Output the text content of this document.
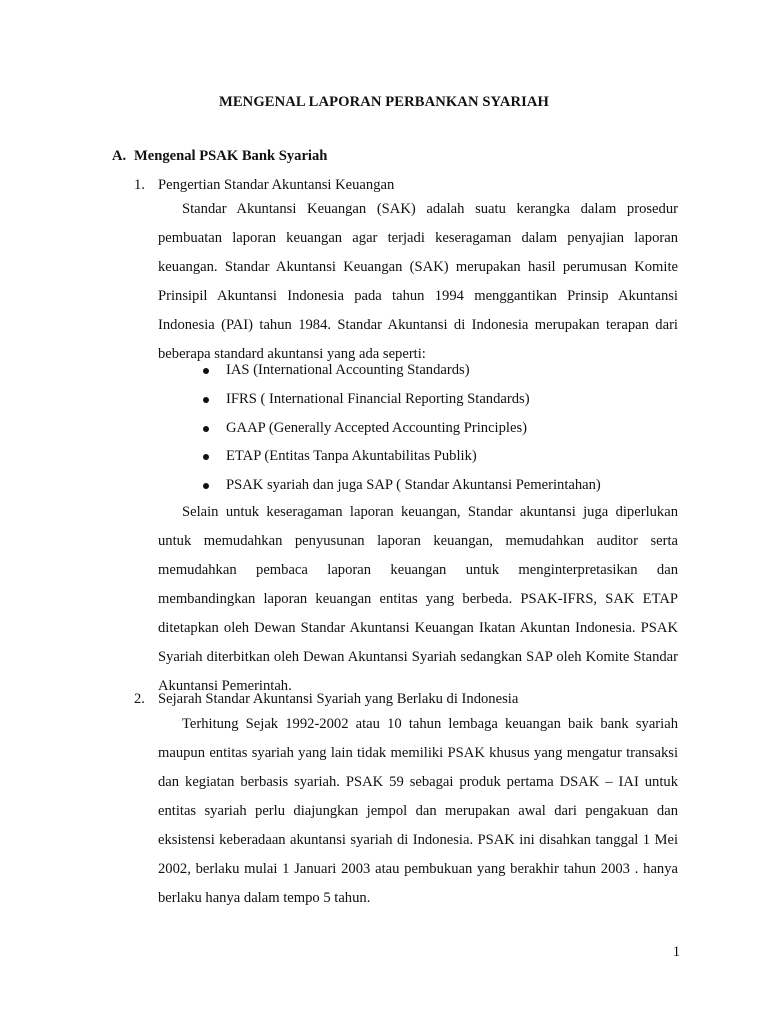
MENGENAL LAPORAN PERBANKAN SYARIAH
A. Mengenal PSAK Bank Syariah
1. Pengertian Standar Akuntansi Keuangan

Standar Akuntansi Keuangan (SAK) adalah suatu kerangka dalam prosedur pembuatan laporan keuangan agar terjadi keseragaman dalam penyajian laporan keuangan. Standar Akuntansi Keuangan (SAK) merupakan hasil perumusan Komite Prinsipil Akuntansi Indonesia pada tahun 1994 menggantikan Prinsip Akuntansi Indonesia (PAI) tahun 1984. Standar Akuntansi di Indonesia merupakan terapan dari beberapa standard akuntansi yang ada seperti:

IAS (International Accounting Standards)
IFRS ( International Financial Reporting Standards)
GAAP (Generally Accepted Accounting Principles)
ETAP (Entitas Tanpa Akuntabilitas Publik)
PSAK syariah dan juga SAP ( Standar Akuntansi Pemerintahan)

Selain untuk keseragaman laporan keuangan, Standar akuntansi juga diperlukan untuk memudahkan penyusunan laporan keuangan, memudahkan auditor serta memudahkan pembaca laporan keuangan untuk menginterpretasikan dan membandingkan laporan keuangan entitas yang berbeda. PSAK-IFRS, SAK ETAP ditetapkan oleh Dewan Standar Akuntansi Keuangan Ikatan Akuntan Indonesia. PSAK Syariah diterbitkan oleh Dewan Akuntansi Syariah sedangkan SAP oleh Komite Standar Akuntansi Pemerintah.

2. Sejarah Standar Akuntansi Syariah yang Berlaku di Indonesia

Terhitung Sejak 1992-2002 atau 10 tahun lembaga keuangan baik bank syariah maupun entitas syariah yang lain tidak memiliki PSAK khusus yang mengatur transaksi dan kegiatan berbasis syariah. PSAK 59 sebagai produk pertama DSAK – IAI untuk entitas syariah perlu diajungkan jempol dan merupakan awal dari pengakuan dan eksistensi keberadaan akuntansi syariah di Indonesia. PSAK ini disahkan tanggal 1 Mei 2002, berlaku mulai 1 Januari 2003 atau pembukuan yang berakhir tahun 2003 . hanya berlaku hanya dalam tempo 5 tahun.

1
